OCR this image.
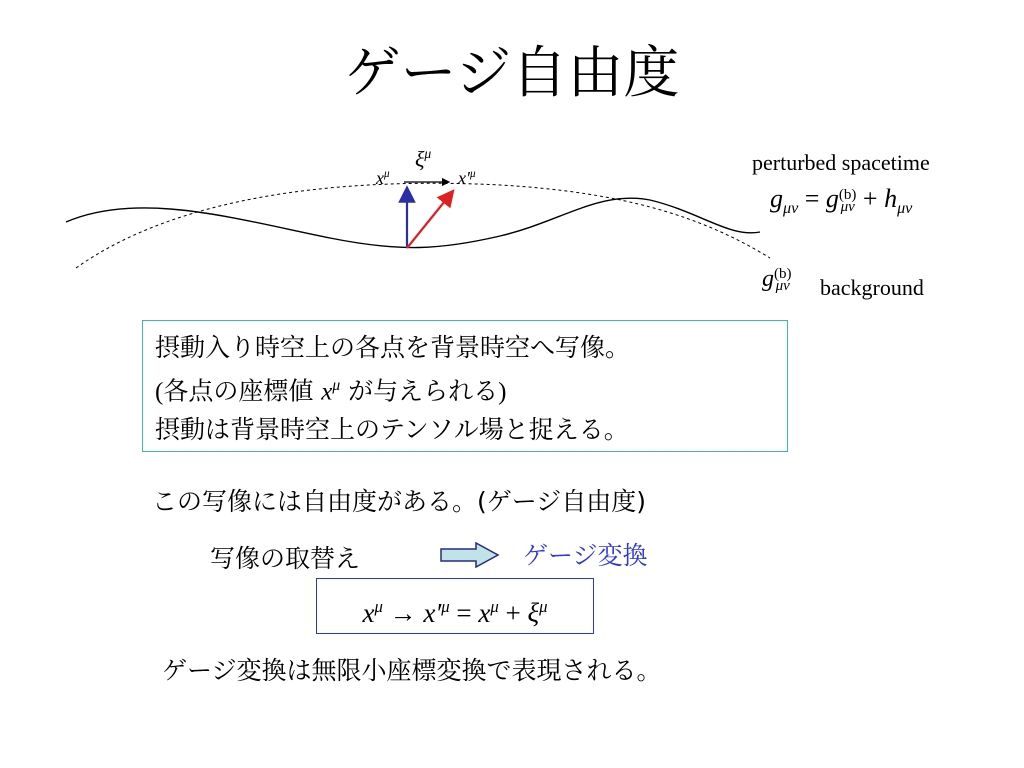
ゲージ自由度
$\xi^\mu$
$x^\mu$	$x'^\mu$	perturbed spacetime
$g_{\mu\nu} = g(b)$
$\mu\nu + h_{\mu\nu}$
g(b)
μν background
摂動入り時空上の各点を背景時空へ写像。
(各点の座標値 $x^\mu$ が与えられる)
摂動は背景時空上のテンソル場と捉える。
この写像には自由度がある。(ゲージ自由度)
写像の取替え	ゲージ変換
$x^\mu \to x'^\mu = x^\mu + \xi^\mu$
ゲージ変換は無限小座標変換で表現される。
